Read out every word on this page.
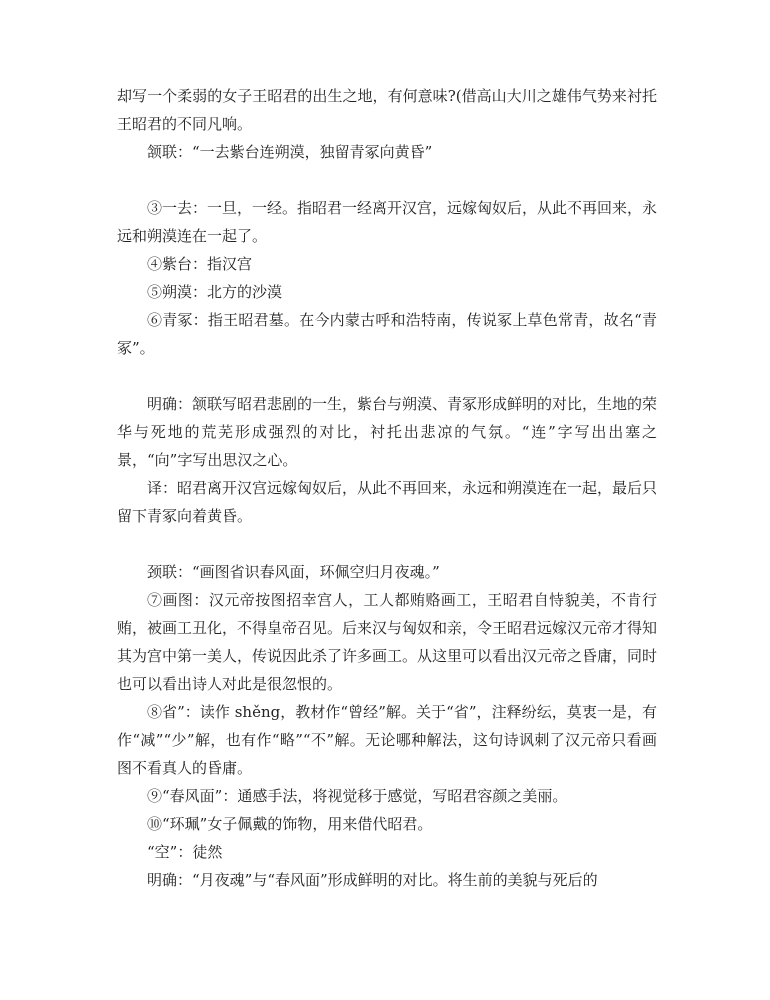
却写一个柔弱的女子王昭君的出生之地，有何意味?(借高山大川之雄伟气势来衬托王昭君的不同凡响。

颔联：“一去紫台连朔漠，独留青冢向黄昏”

③一去：一旦，一经。指昭君一经离开汉宫，远嫁匈奴后，从此不再回来，永远和朔漠连在一起了。

④紫台：指汉宫

⑤朔漠：北方的沙漠

⑥青冢：指王昭君墓。在今内蒙古呼和浩特南，传说冢上草色常青，故名“青冢”。

明确：颔联写昭君悲剧的一生，紫台与朔漠、青冢形成鲜明的对比，生地的荣华与死地的荒芜形成强烈的对比，衬托出悲凉的气氛。“连”字写出出塞之景，“向”字写出思汉之心。

译：昭君离开汉宫远嫁匈奴后，从此不再回来，永远和朔漠连在一起，最后只留下青冢向着黄昏。

颈联：“画图省识春风面，环佩空归月夜魂。”

⑦画图：汉元帝按图招幸宫人，工人都贿赂画工，王昭君自恃貌美，不肯行贿，被画工丑化，不得皇帝召见。后来汉与匈奴和亲，令王昭君远嫁汉元帝才得知其为宫中第一美人，传说因此杀了许多画工。从这里可以看出汉元帝之昏庸，同时也可以看出诗人对此是很忽恨的。

⑧省”：读作 shěng，教材作“曾经”解。关于“省”，注释纷纭，莫衷一是，有作“减”“少”解，也有作“略”“不”解。无论哪种解法，这句诗讽刺了汉元帝只看画图不看真人的昏庸。

⑨“春风面”：通感手法，将视觉移于感觉，写昭君容颜之美丽。

⑩“环珮”女子佩戴的饰物，用来借代昭君。

“空”：徒然

明确：“月夜魂”与“春风面”形成鲜明的对比。将生前的美貌与死后的
